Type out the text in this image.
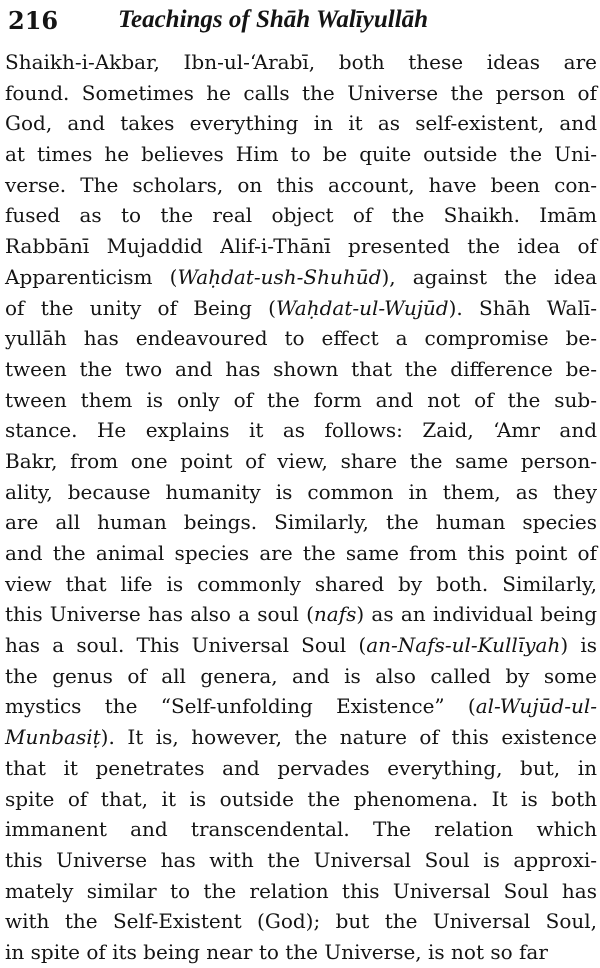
216	Teachings of Shāh Walīyullāh
Shaikh-i-Akbar, Ibn-ul-‘Arabī, both these ideas are
found. Sometimes he calls the Universe the person of
God, and takes everything in it as self-existent, and
at times he believes Him to be quite outside the Uni-
verse. The scholars, on this account, have been con-
fused as to the real object of the Shaikh. Imām
Rabbānī Mujaddid Alif-i-Thānī presented the idea of
Apparenticism (Waḥdat-ush-Shuhūd), against the idea
of the unity of Being (Waḥdat-ul-Wujūd). Shāh Walī-
yullāh has endeavoured to effect a compromise be-
tween the two and has shown that the difference be-
tween them is only of the form and not of the sub-
stance. He explains it as follows: Zaid, ‘Amr and
Bakr, from one point of view, share the same person-
ality, because humanity is common in them, as they
are all human beings. Similarly, the human species
and the animal species are the same from this point of
view that life is commonly shared by both. Similarly,
this Universe has also a soul (nafs) as an individual being
has a soul. This Universal Soul (an-Nafs-ul-Kullīyah) is
the genus of all genera, and is also called by some
mystics the “Self-unfolding Existence” (al-Wujūd-ul-
Munbasiṭ). It is, however, the nature of this existence
that it penetrates and pervades everything, but, in
spite of that, it is outside the phenomena. It is both
immanent and transcendental. The relation which
this Universe has with the Universal Soul is approxi-
mately similar to the relation this Universal Soul has
with the Self-Existent (God); but the Universal Soul,
in spite of its being near to the Universe, is not so far
